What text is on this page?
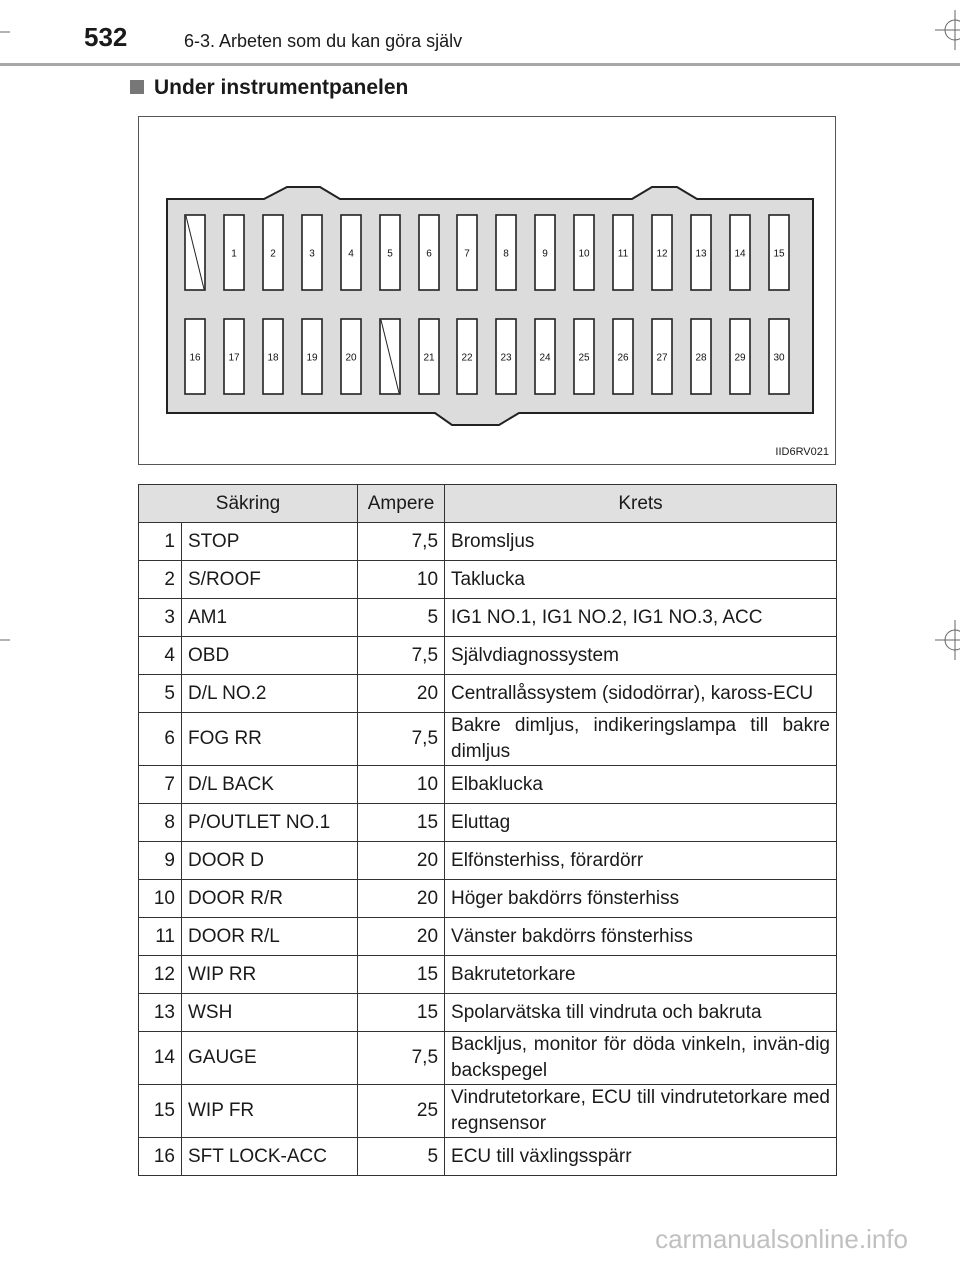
532	6-3. Arbeten som du kan göra själv
Under instrumentpanelen
1	2	3	4	5	6	7	8	9	10	11	12	13	14	15
16	17	18	19	20	21	22	23	24	25	26	27	28	29	30
IID6RV021
Säkring		Ampere	Krets
1	STOP	7,5	Bromsljus
2	S/ROOF	10	Taklucka
3	AM1	5	IG1 NO.1, IG1 NO.2, IG1 NO.3, ACC
4	OBD	7,5	Självdiagnossystem
5	D/L NO.2	20	Centrallåssystem (sidodörrar), kaross-ECU
6	FOG RR	7,5	Bakre dimljus, indikeringslampa till bakre dimljus
7	D/L BACK	10	Elbaklucka
8	P/OUTLET NO.1	15	Eluttag
9	DOOR D	20	Elfönsterhiss, förardörr
10	DOOR R/R	20	Höger bakdörrs fönsterhiss
11	DOOR R/L	20	Vänster bakdörrs fönsterhiss
12	WIP RR	15	Bakrutetorkare
13	WSH	15	Spolarvätska till vindruta och bakruta
14	GAUGE	7,5	Backljus, monitor för döda vinkeln, invän-dig backspegel
15	WIP FR	25	Vindrutetorkare, ECU till vindrutetorkare med regnsensor
16	SFT LOCK-ACC	5	ECU till växlingsspärr
carmanualsonline.info
